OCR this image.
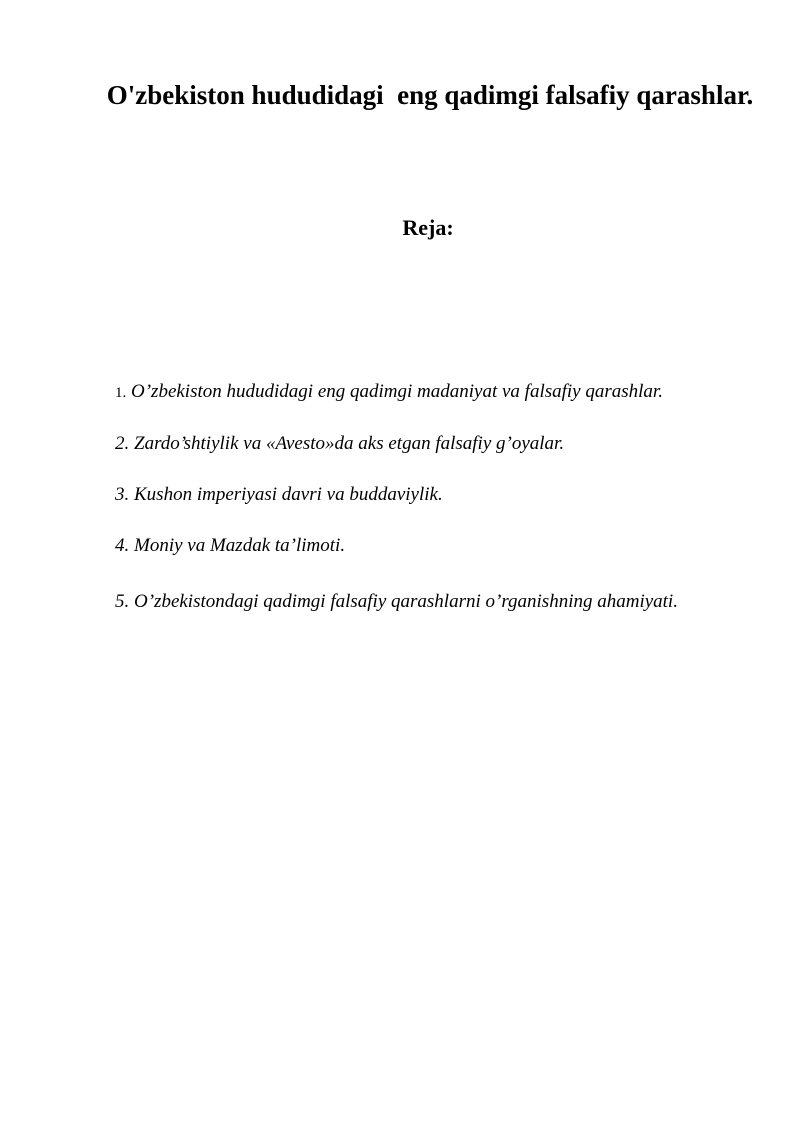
O'zbekiston hududidagi  eng qadimgi falsafiy qarashlar.
Reja:
1. O’zbekiston hududidagi eng qadimgi madaniyat va falsafiy qarashlar.
2. Zardo’shtiylik va «Avesto»da aks etgan falsafiy g’oyalar.
3. Kushon imperiyasi davri va buddaviylik.
4. Moniy va Mazdak ta’limoti.
5. O’zbekistondagi qadimgi falsafiy qarashlarni o’rganishning ahamiyati.
